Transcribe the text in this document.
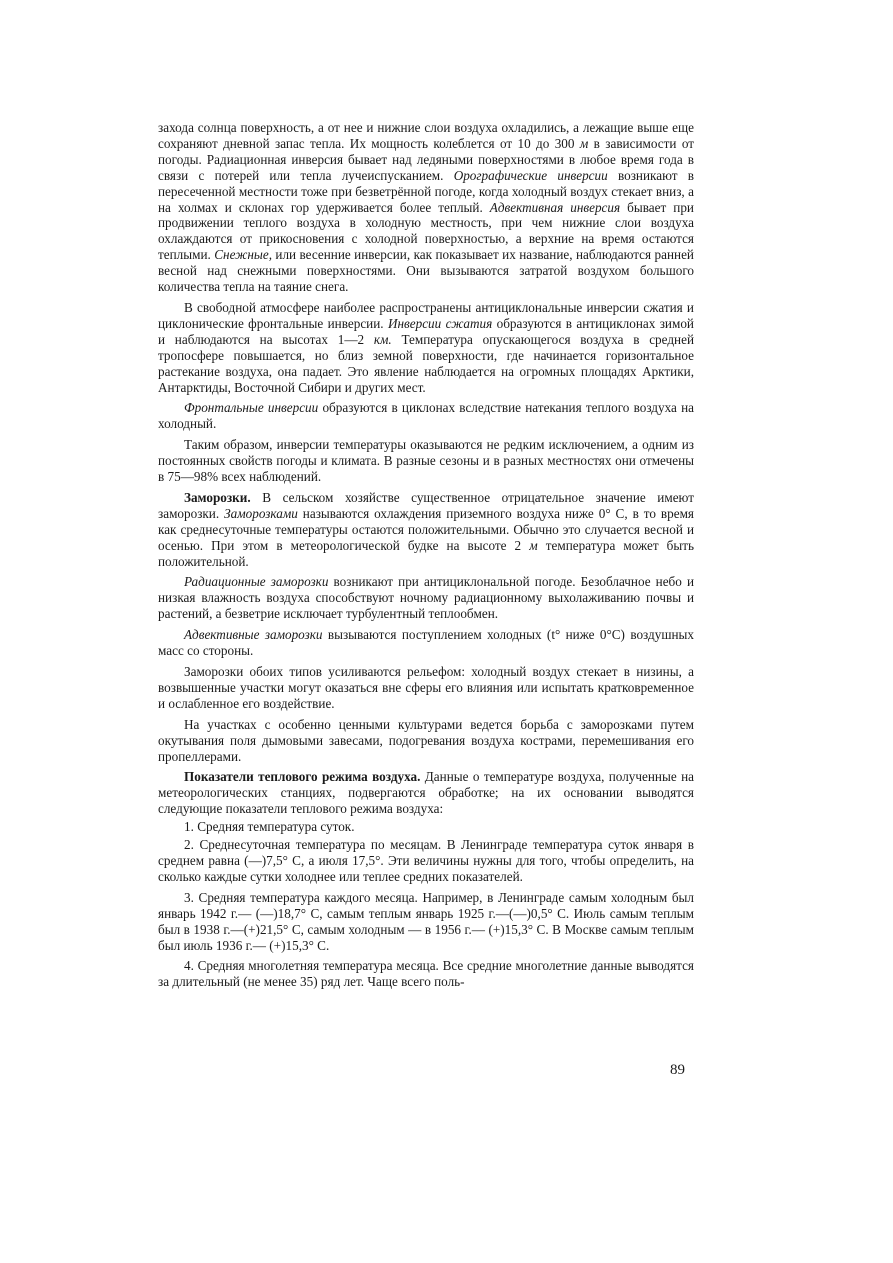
захода солнца поверхность, а от нее и нижние слои воздуха охладились, а лежащие выше еще сохраняют дневной запас тепла. Их мощность колеблется от 10 до 300 м в зависимости от погоды. Радиационная инверсия бывает над ледяными поверхностями в любое время года в связи с потерей или тепла лучеиспусканием. Орографические инверсии возникают в пересеченной местности тоже при безветрённой погоде, когда холодный воздух стекает вниз, а на холмах и склонах гор удерживается более теплый. Адвективная инверсия бывает при продвижении теплого воздуха в холодную местность, при чем нижние слои воздуха охлаждаются от прикосновения с холодной поверхностью, а верхние на время остаются теплыми. Снежные, или весенние инверсии, как показывает их название, наблюдаются ранней весной над снежными поверхностями. Они вызываются затратой воздухом большого количества тепла на таяние снега.

В свободной атмосфере наиболее распространены антициклональные инверсии сжатия и циклонические фронтальные инверсии. Инверсии сжатия образуются в антициклонах зимой и наблюдаются на высотах 1—2 км. Температура опускающегося воздуха в средней тропосфере повышается, но близ земной поверхности, где начинается горизонтальное растекание воздуха, она падает. Это явление наблюдается на огромных площадях Арктики, Антарктиды, Восточной Сибири и других мест.

Фронтальные инверсии образуются в циклонах вследствие натекания теплого воздуха на холодный.

Таким образом, инверсии температуры оказываются не редким исключением, а одним из постоянных свойств погоды и климата. В разные сезоны и в разных местностях они отмечены в 75—98% всех наблюдений.

Заморозки. В сельском хозяйстве существенное отрицательное значение имеют заморозки. Заморозками называются охлаждения приземного воздуха ниже 0° С, в то время как среднесуточные температуры остаются положительными. Обычно это случается весной и осенью. При этом в метеорологической будке на высоте 2 м температура может быть положительной.

Радиационные заморозки возникают при антициклональной погоде. Безоблачное небо и низкая влажность воздуха способствуют ночному радиационному выхолаживанию почвы и растений, а безветрие исключает турбулентный теплообмен.

Адвективные заморозки вызываются поступлением холодных (t° ниже 0°С) воздушных масс со стороны.

Заморозки обоих типов усиливаются рельефом: холодный воздух стекает в низины, а возвышенные участки могут оказаться вне сферы его влияния или испытать кратковременное и ослабленное его воздействие.

На участках с особенно ценными культурами ведется борьба с заморозками путем окутывания поля дымовыми завесами, подогревания воздуха кострами, перемешивания его пропеллерами.

Показатели теплового режима воздуха. Данные о температуре воздуха, полученные на метеорологических станциях, подвергаются обработке; на их основании выводятся следующие показатели теплового режима воздуха:

1. Средняя температура суток.

2. Среднесуточная температура по месяцам. В Ленинграде температура суток января в среднем равна (—)7,5° С, а июля 17,5°. Эти величины нужны для того, чтобы определить, на сколько каждые сутки холоднее или теплее средних показателей.

3. Средняя температура каждого месяца. Например, в Ленинграде самым холодным был январь 1942 г.— (—)18,7° С, самым теплым январь 1925 г.—(—)0,5° С. Июль самым теплым был в 1938 г.—(+)21,5° С, самым холодным — в 1956 г.— (+)15,3° С. В Москве самым теплым был июль 1936 г.— (+)15,3° С.

4. Средняя многолетняя температура месяца. Все средние многолетние данные выводятся за длительный (не менее 35) ряд лет. Чаще всего поль-

89
